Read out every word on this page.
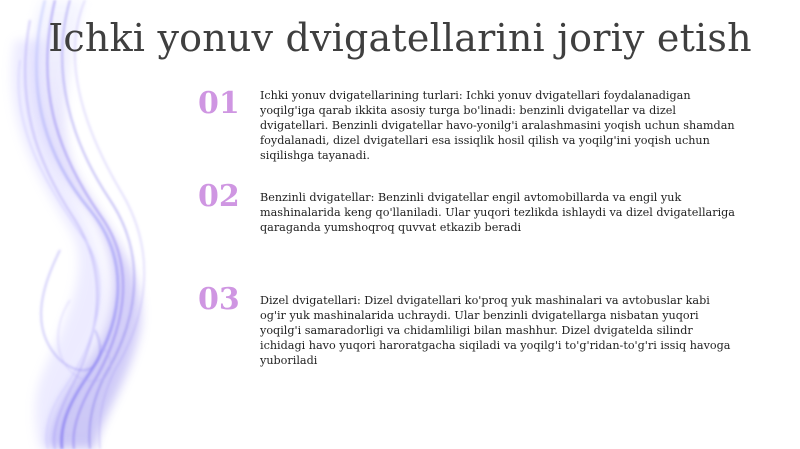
Ichki yonuv dvigatellarini joriy etish
01	Ichki yonuv dvigatellarining turlari: Ichki yonuv dvigatellari foydalanadigan yoqilg'iga qarab ikkita asosiy turga bo'linadi: benzinli dvigatellar va dizel dvigatellari. Benzinli dvigatellar havo-yonilg'i aralashmasini yoqish uchun shamdan foydalanadi, dizel dvigatellari esa issiqlik hosil qilish va yoqilg'ini yoqish uchun siqilishga tayanadi.
02	Benzinli dvigatellar: Benzinli dvigatellar engil avtomobillarda va engil yuk mashinalarida keng qo'llaniladi. Ular yuqori tezlikda ishlaydi va dizel dvigatellariga qaraganda yumshoqroq quvvat etkazib beradi
03	Dizel dvigatellari: Dizel dvigatellari ko'proq yuk mashinalari va avtobuslar kabi og'ir yuk mashinalarida uchraydi. Ular benzinli dvigatellarga nisbatan yuqori yoqilg'i samaradorligi va chidamliligi bilan mashhur. Dizel dvigatelda silindr ichidagi havo yuqori haroratgacha siqiladi va yoqilg'i to'g'ridan-to'g'ri issiq havoga yuboriladi
